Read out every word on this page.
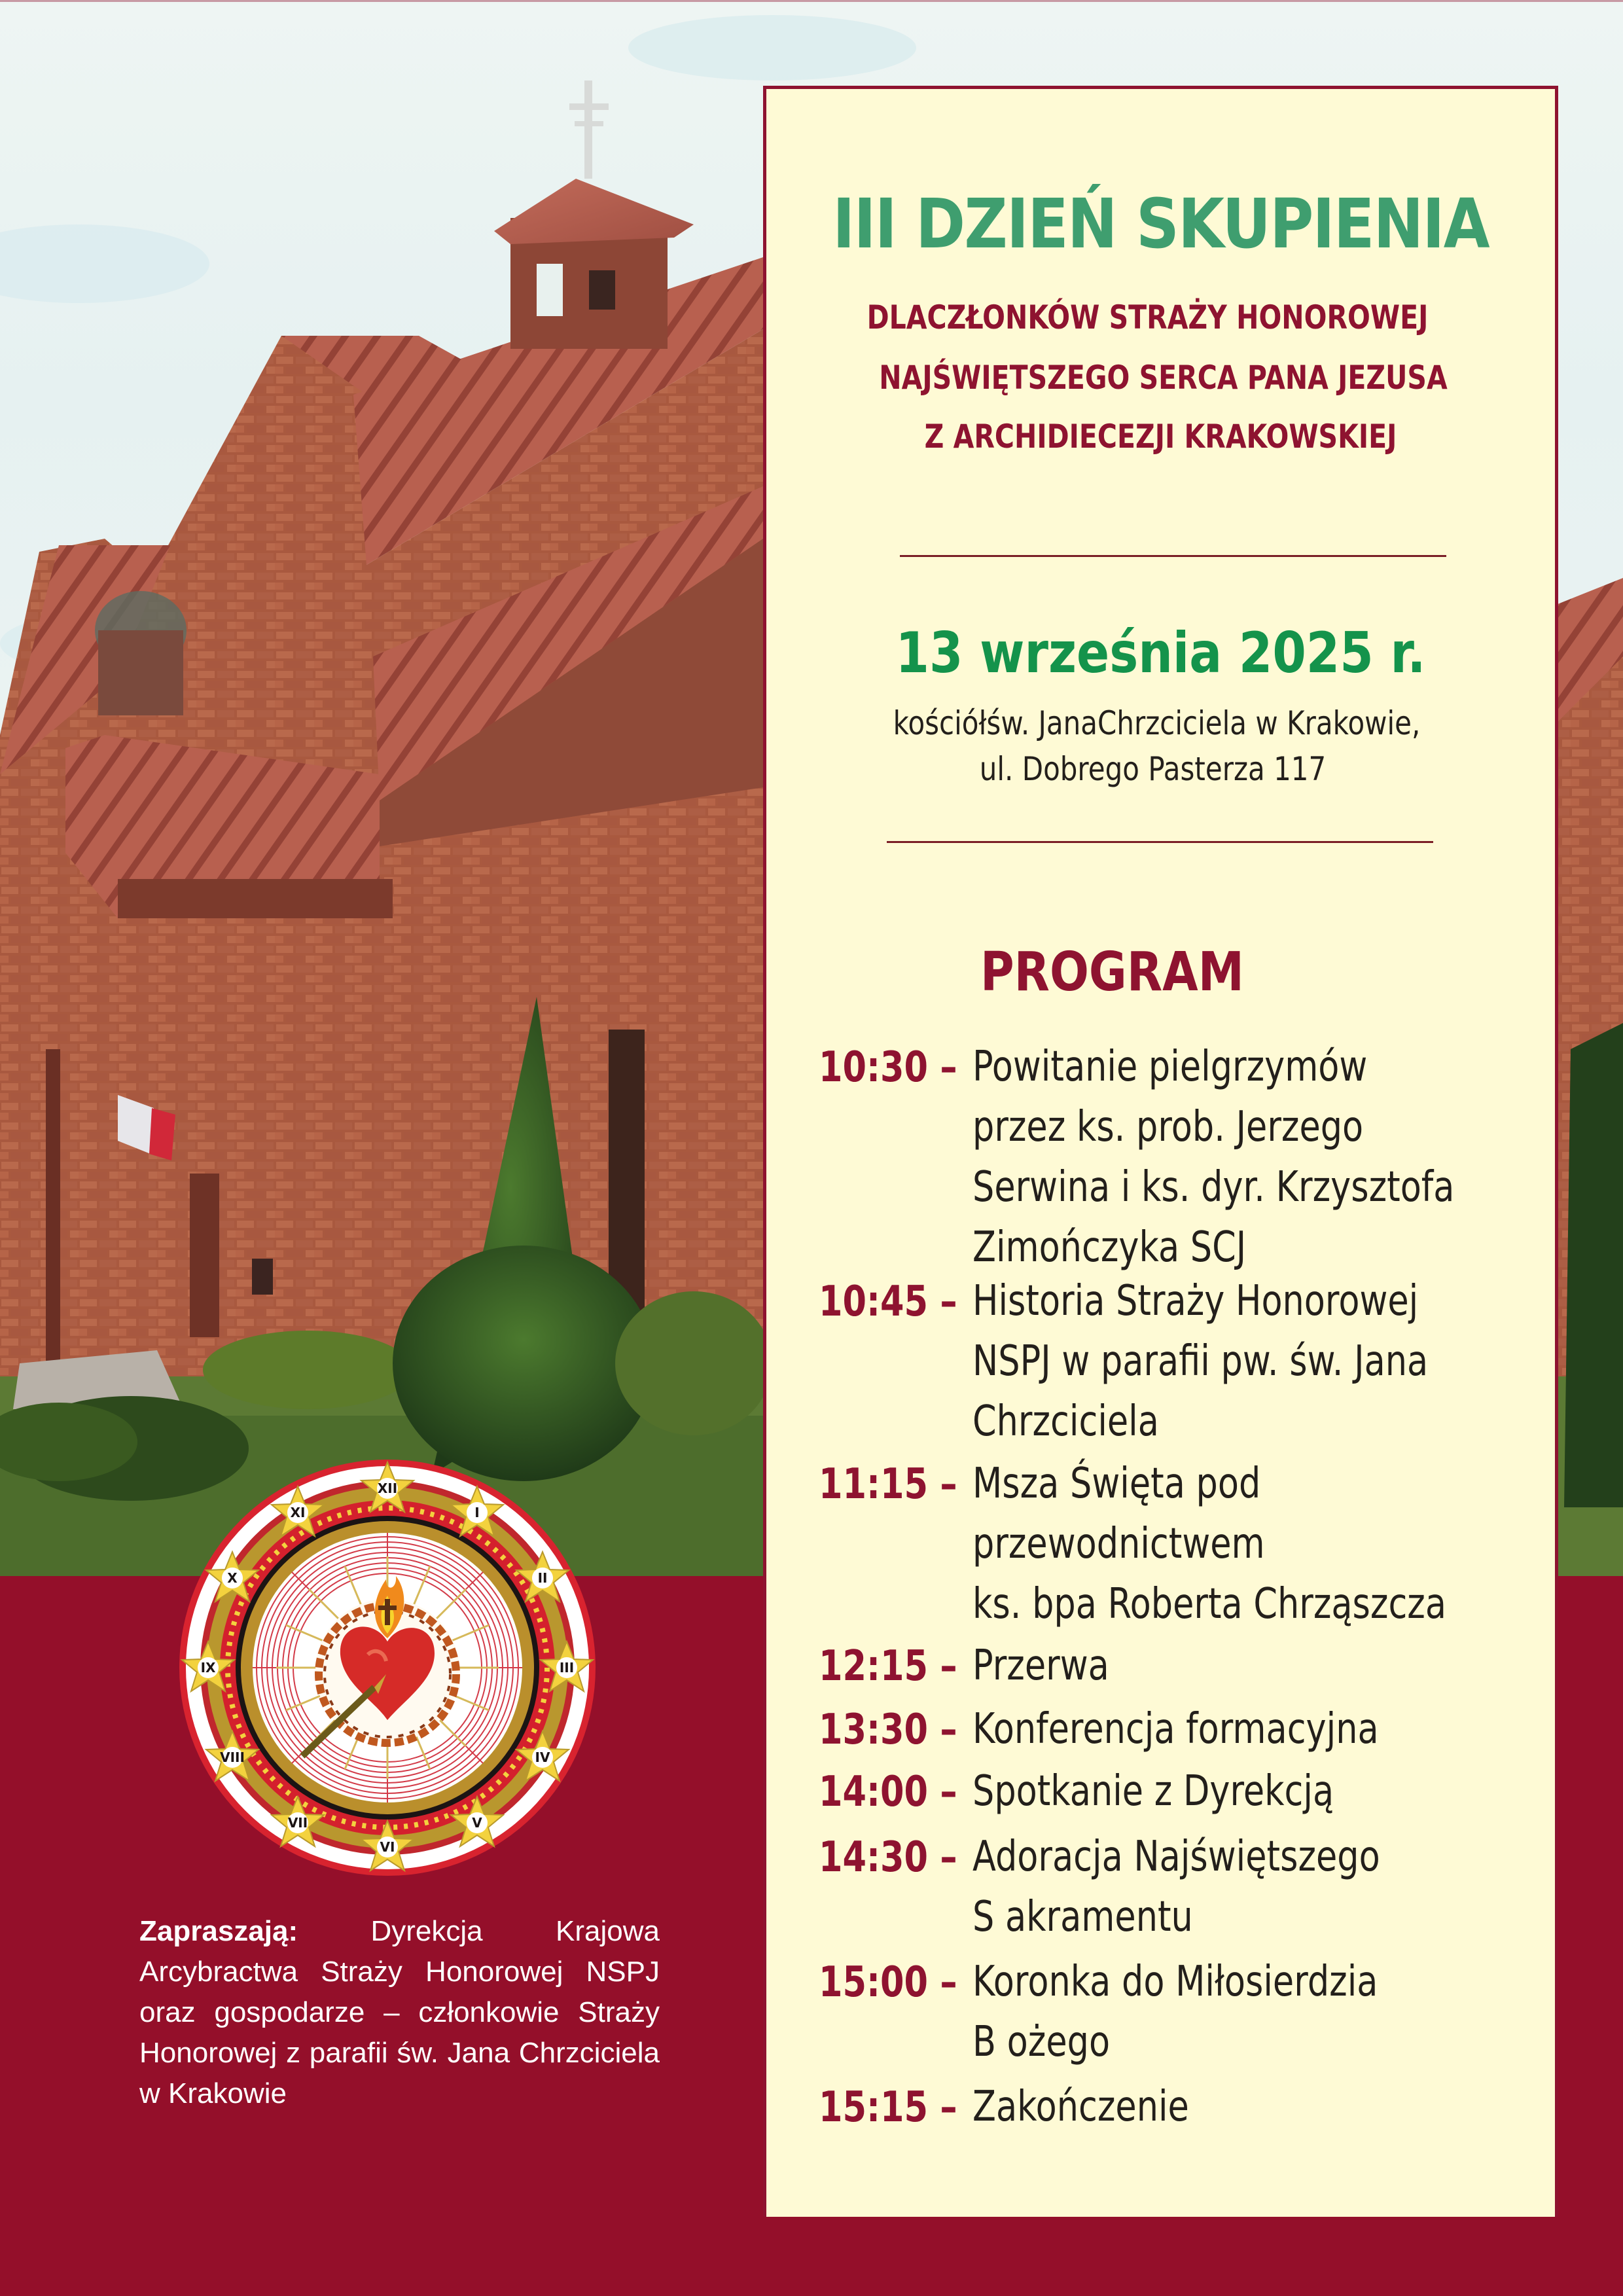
XII
I
II
III
IV
V
VI
VII
VIII
IX
X
XI
Zapraszają:	Dyrekcja Krajowa Arcybractwa Straży Honorowej NSPJ oraz gospodarze – członkowie Straży Honorowej z parafii św. Jana Chrzciciela w Krakowie
III DZIEŃ SKUPIENIA
DLACZŁONKÓW STRAŻY HONOROWEJ
NAJŚWIĘTSZEGO SERCA PANA JEZUSA
Z ARCHIDIECEZJI KRAKOWSKIEJ
13 września 2025 r.
kościółśw. JanaChrzciciela w Krakowie,
ul. Dobrego Pasterza 117
PROGRAM
10:30 – Powitanie pielgrzymów
przez ks. prob. Jerzego
Serwina i ks. dyr. Krzysztofa
Zimończyka SCJ
10:45 – Historia Straży Honorowej
NSPJ w parafii pw. św. Jana
Chrzciciela
11:15 – Msza Święta pod
przewodnictwem
ks. bpa Roberta Chrząszcza
12:15 – Przerwa
13:30 – Konferencja formacyjna
14:00 – Spotkanie z Dyrekcją
14:30 – Adoracja Najświętszego
S akramentu
15:00 – Koronka do Miłosierdzia
B ożego
15:15 – Zakończenie
